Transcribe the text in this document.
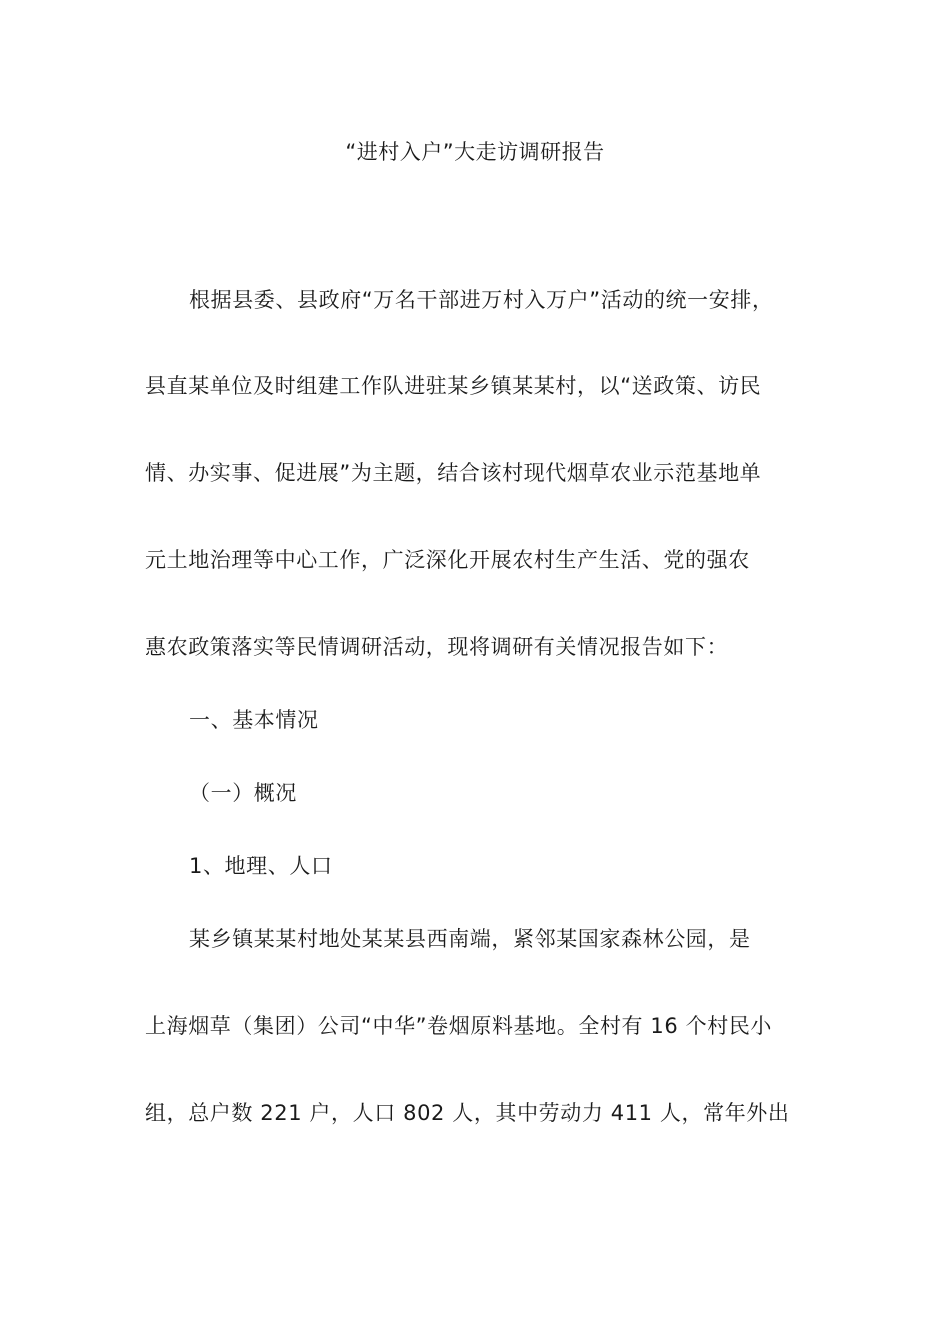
“进村入户”大走访调研报告
根据县委、县政府“万名干部进万村入万户”活动的统一安排，
县直某单位及时组建工作队进驻某乡镇某某村，以“送政策、访民
情、办实事、促进展”为主题，结合该村现代烟草农业示范基地单
元土地治理等中心工作，广泛深化开展农村生产生活、党的强农
惠农政策落实等民情调研活动，现将调研有关情况报告如下：
一、基本情况
（一）概况
1、地理、人口
某乡镇某某村地处某某县西南端，紧邻某国家森林公园，是
上海烟草（集团）公司“中华”卷烟原料基地。全村有 16 个村民小
组，总户数 221 户，人口 802 人，其中劳动力 411 人，常年外出
